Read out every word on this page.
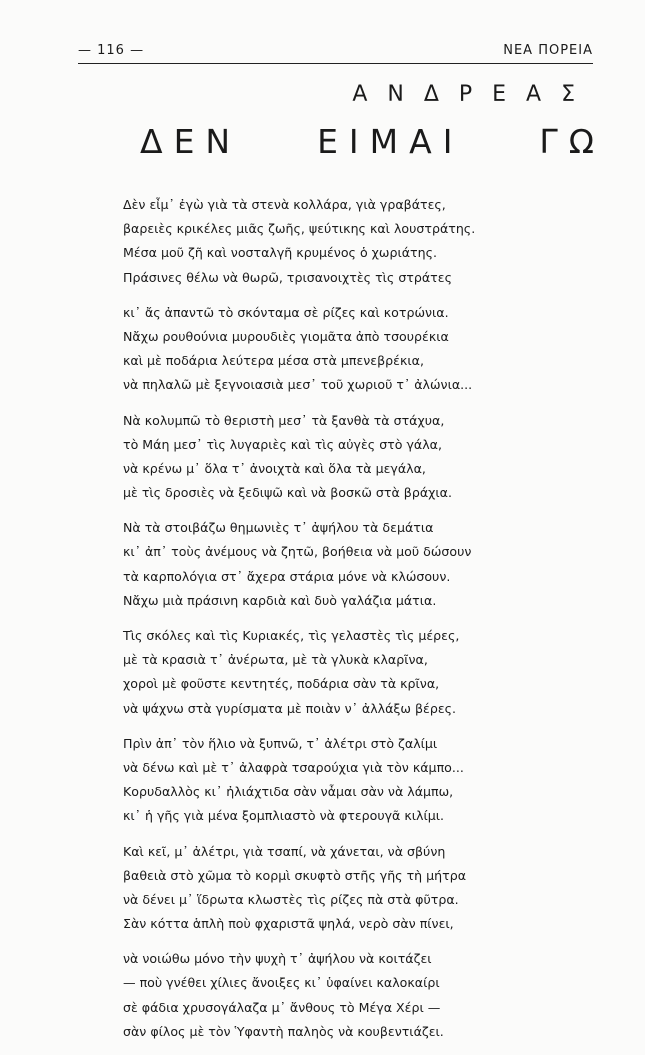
— 116 —	ΝΕΑ ΠΟΡΕΙΑ
ΑΝΔΡΕΑΣ
ΔΕΝ ΕΙΜΑΙ ΓΩ
Δὲν εἶμ᾽ ἐγὼ γιὰ τὰ στενὰ κολλάρα, γιὰ γραβάτες,
βαρειὲς κρικέλες μιᾶς ζωῆς, ψεύτικης καὶ λουστράτης.
Μέσα μοῦ ζῆ καὶ νοσταλγῆ κρυμένος ὁ χωριάτης.
Πράσινες θέλω νὰ θωρῶ, τρισανοιχτὲς τὶς στράτες
κι᾽ ἄς ἀπαντῶ τὸ σκόνταμα σὲ ρίζες καὶ κοτρώνια.
Νἄχω ρουθούνια μυρουδιὲς γιομᾶτα ἀπὸ τσουρέκια
καὶ μὲ ποδάρια λεύτερα μέσα στὰ μπενεβρέκια,
νὰ πηλαλῶ μὲ ξεγνοιασιὰ μεσ᾽ τοῦ χωριοῦ τ᾽ ἀλώνια...
Νὰ κολυμπῶ τὸ θεριστὴ μεσ᾽ τὰ ξανθὰ τὰ στάχυα,
τὸ Μάη μεσ᾽ τὶς λυγαριὲς καὶ τὶς αὐγὲς στὸ γάλα,
νὰ κρένω μ᾽ ὅλα τ᾽ ἀνοιχτὰ καὶ ὅλα τὰ μεγάλα,
μὲ τὶς δροσιὲς νὰ ξεδιψῶ καὶ νὰ βοσκῶ στὰ βράχια.
Νὰ τὰ στοιβάζω θημωνιὲς τ᾽ ἀψήλου τὰ δεμάτια
κι᾽ ἀπ᾽ τοὺς ἀνέμους νὰ ζητῶ, βοήθεια νὰ μοῦ δώσουν
τὰ καρπολόγια στ᾽ ἄχερα στάρια μόνε νὰ κλώσουν.
Νἄχω μιὰ πράσινη καρδιὰ καὶ δυὸ γαλάζια μάτια.
Τὶς σκόλες καὶ τὶς Κυριακές, τὶς γελαστὲς τὶς μέρες,
μὲ τὰ κρασιὰ τ᾽ ἀνέρωτα, μὲ τὰ γλυκὰ κλαρῖνα,
χοροὶ μὲ φοῦστε κεντητές, ποδάρια σὰν τὰ κρῖνα,
νὰ ψάχνω στὰ γυρίσματα μὲ ποιὰν ν᾽ ἀλλάξω βέρες.
Πρὶν ἀπ᾽ τὸν ἥλιο νὰ ξυπνῶ, τ᾽ ἀλέτρι στὸ ζαλίμι
νὰ δένω καὶ μὲ τ᾽ ἀλαφρὰ τσαρούχια γιὰ τὸν κάμπο...
Κορυδαλλὸς κι᾽ ἠλιάχτιδα σὰν νἆμαι σὰν νὰ λάμπω,
κι᾽ ἡ γῆς γιὰ μένα ξομπλιαστὸ νὰ φτερουγᾶ κιλίμι.
Καὶ κεῖ, μ᾽ ἀλέτρι, γιὰ τσαπί, νὰ χάνεται, νὰ σβύνη
βαθειὰ στὸ χῶμα τὸ κορμὶ σκυφτὸ στῆς γῆς τὴ μήτρα
νὰ δένει μ᾽ ἵδρωτα κλωστὲς τὶς ρίζες πὰ στὰ φῦτρα.
Σὰν κόττα ἁπλὴ ποὺ φχαριστᾶ ψηλά, νερὸ σὰν πίνει,
νὰ νοιώθω μόνο τὴν ψυχὴ τ᾽ ἀψήλου νὰ κοιτάζει
— ποὺ γνέθει χίλιες ἄνοιξες κι᾽ ὑφαίνει καλοκαίρι
σὲ φάδια χρυσογάλαζα μ᾽ ἄνθους τὸ Μέγα Χέρι —
σὰν φίλος μὲ τὸν Ὑφαντὴ παληὸς νὰ κουβεντιάζει.
